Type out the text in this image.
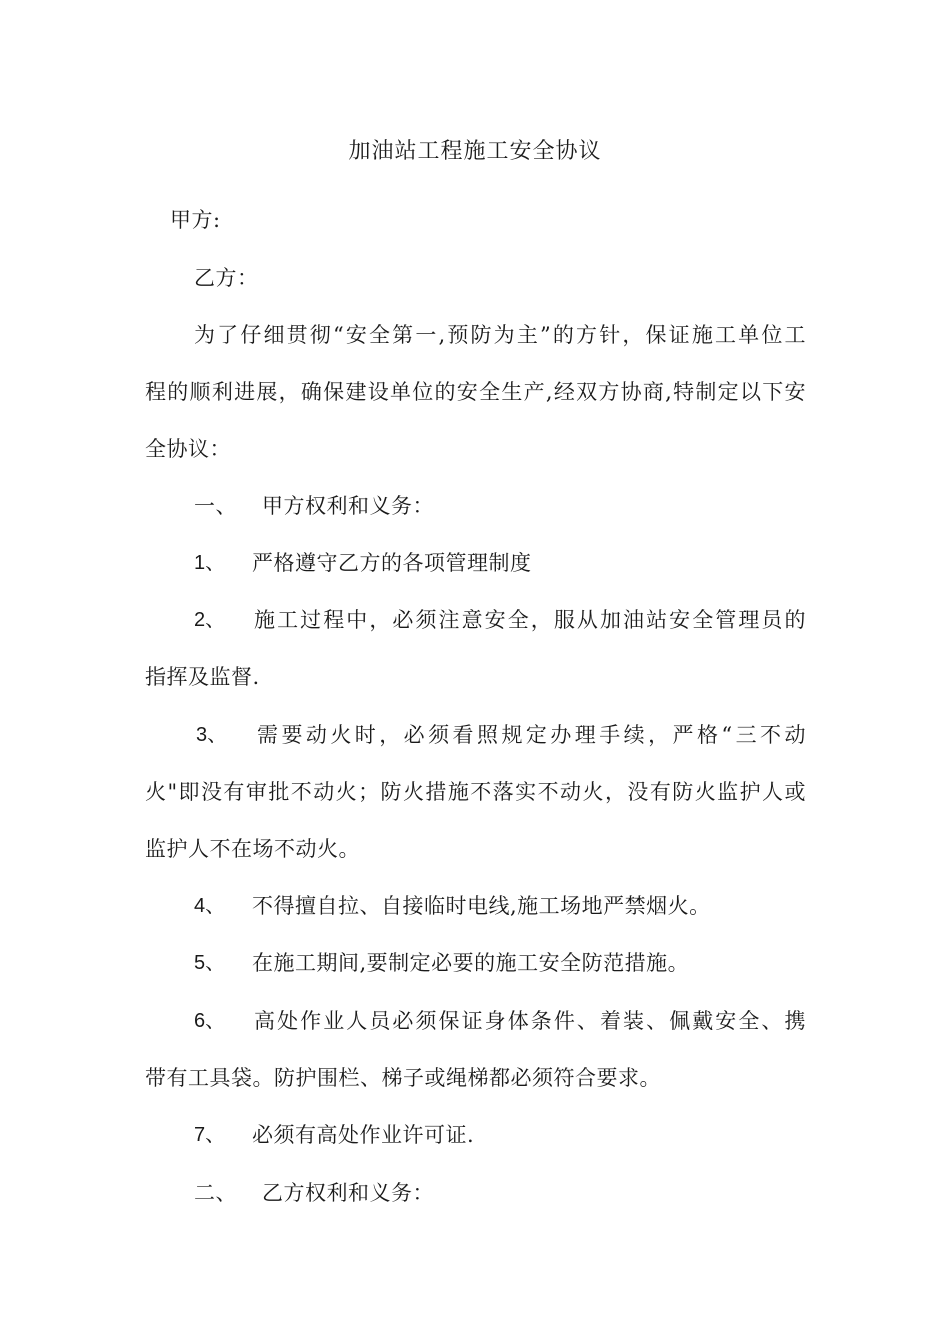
加油站工程施工安全协议
甲方:
乙方：
为了仔细贯彻“安全第一,预防为主”的方针，保证施工单位工
程的顺利进展，确保建设单位的安全生产,经双方协商,特制定以下安
全协议：
一、 甲方权利和义务：
1、 严格遵守乙方的各项管理制度
2、 施工过程中，必须注意安全，服从加油站安全管理员的
指挥及监督.
3、 需要动火时，必须看照规定办理手续，严格“三不动
火"即没有审批不动火；防火措施不落实不动火，没有防火监护人或
监护人不在场不动火。
4、 不得擅自拉、自接临时电线,施工场地严禁烟火。
5、 在施工期间,要制定必要的施工安全防范措施。
6、 高处作业人员必须保证身体条件、着装、佩戴安全、携
带有工具袋。防护围栏、梯子或绳梯都必须符合要求。
7、 必须有高处作业许可证.
二、 乙方权利和义务：
